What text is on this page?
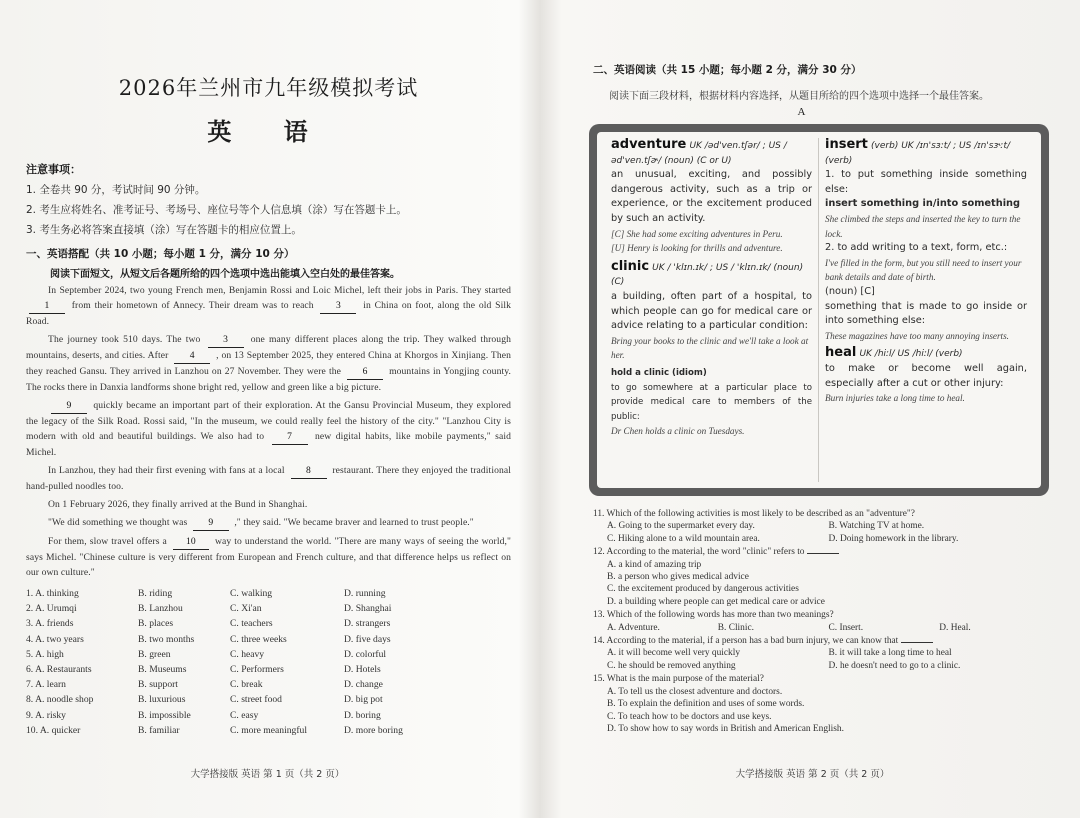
2026年兰州市九年级模拟考试
英 语
注意事项：
1. 全卷共 90 分，考试时间 90 分钟。
2. 考生应将姓名、准考证号、考场号、座位号等个人信息填（涂）写在答题卡上。
3. 考生务必将答案直接填（涂）写在答题卡的相应位置上。
一、英语搭配（共 10 小题；每小题 1 分，满分 10 分）
阅读下面短文，从短文后各题所给的四个选项中选出能填入空白处的最佳答案。
In September 2024, two young French men, Benjamin Rossi and Loic Michel, left their jobs in Paris. They started 1 from their hometown of Annecy. Their dream was to reach 3 in China on foot, along the old Silk Road.
The journey took 510 days. The two 3 one many different places along the trip. They walked through mountains, deserts, and cities. After 4 , on 13 September 2025, they entered China at Khorgos in Xinjiang. Then they reached Gansu. They arrived in Lanzhou on 27 November. They were the 6 mountains in Yongjing county. The rocks there in Danxia landforms shone bright red, yellow and green like a big picture.
9 quickly became an important part of their exploration. At the Gansu Provincial Museum, they explored the legacy of the Silk Road. Rossi said, "In the museum, we could really feel the history of the city." "Lanzhou City is modern with old and beautiful buildings. We also had to 7 new digital habits, like mobile payments," said Michel.
In Lanzhou, they had their first evening with fans at a local 8 restaurant. There they enjoyed the traditional hand-pulled noodles too.
On 1 February 2026, they finally arrived at the Bund in Shanghai.
"We did something we thought was 9 ," they said. "We became braver and learned to trust people."
For them, slow travel offers a 10 way to understand the world. "There are many ways of seeing the world," says Michel. "Chinese culture is very different from European and French culture, and that difference helps us reflect on our own culture."
1. A. thinking	B. riding	C. walking	D. running
2. A. Urumqi	B. Lanzhou	C. Xi'an	D. Shanghai
3. A. friends	B. places	C. teachers	D. strangers
4. A. two years	B. two months	C. three weeks	D. five days
5. A. high	B. green	C. heavy	D. colorful
6. A. Restaurants	B. Museums	C. Performers	D. Hotels
7. A. learn	B. support	C. break	D. change
8. A. noodle shop	B. luxurious	C. street food	D. big pot
9. A. risky	B. impossible	C. easy	D. boring
10. A. quicker	B. familiar	C. more meaningful	D. more boring
大学搭接版 英语 第 1 页（共 2 页）
二、英语阅读（共 15 小题；每小题 2 分，满分 30 分）
阅读下面三段材料，根据材料内容选择，从题目所给的四个选项中选择一个最佳答案。
A
adventure UK /əd'ven.tʃər/ ; US /əd'ven.tʃɚ/ (noun) (C or U)
an unusual, exciting, and possibly dangerous activity, such as a trip or experience, or the excitement produced by such an activity.
[C] She had some exciting adventures in Peru.
[U] Henry is looking for thrills and adventure.
clinic UK / 'klɪn.ɪk/ ; US / 'klɪn.ɪk/ (noun) (C)
a building, often part of a hospital, to which people can go for medical care or advice relating to a particular condition:
Bring your books to the clinic and we'll take a look at her.
hold a clinic (idiom)
to go somewhere at a particular place to provide medical care to members of the public:
Dr Chen holds a clinic on Tuesdays.
insert (verb) UK /ɪn'sɜːt/ ; US /ɪn'sɝːt/ (verb)
1. to put something inside something else:
insert something in/into something
She climbed the steps and inserted the key to turn the lock.
2. to add writing to a text, form, etc.:
I've filled in the form, but you still need to insert your bank details and date of birth.
(noun) [C]
something that is made to go inside or into something else:
These magazines have too many annoying inserts.
heal UK /hiːl/ US /hiːl/ (verb)
to make or become well again, especially after a cut or other injury:
Burn injuries take a long time to heal.
11. Which of the following activities is most likely to be described as an "adventure"?
A. Going to the supermarket every day.	B. Watching TV at home.
C. Hiking alone to a wild mountain area.	D. Doing homework in the library.
12. According to the material, the word "clinic" refers to
A. a kind of amazing trip
B. a person who gives medical advice
C. the excitement produced by dangerous activities
D. a building where people can get medical care or advice
13. Which of the following words has more than two meanings?
A. Adventure.	B. Clinic.	C. Insert.	D. Heal.
14. According to the material, if a person has a bad burn injury, we can know that
A. it will become well very quickly	B. it will take a long time to heal
C. he should be removed anything	D. he doesn't need to go to a clinic.
15. What is the main purpose of the material?
A. To tell us the closest adventure and doctors.
B. To explain the definition and uses of some words.
C. To teach how to be doctors and use keys.
D. To show how to say words in British and American English.
大学搭接版 英语 第 2 页（共 2 页）
